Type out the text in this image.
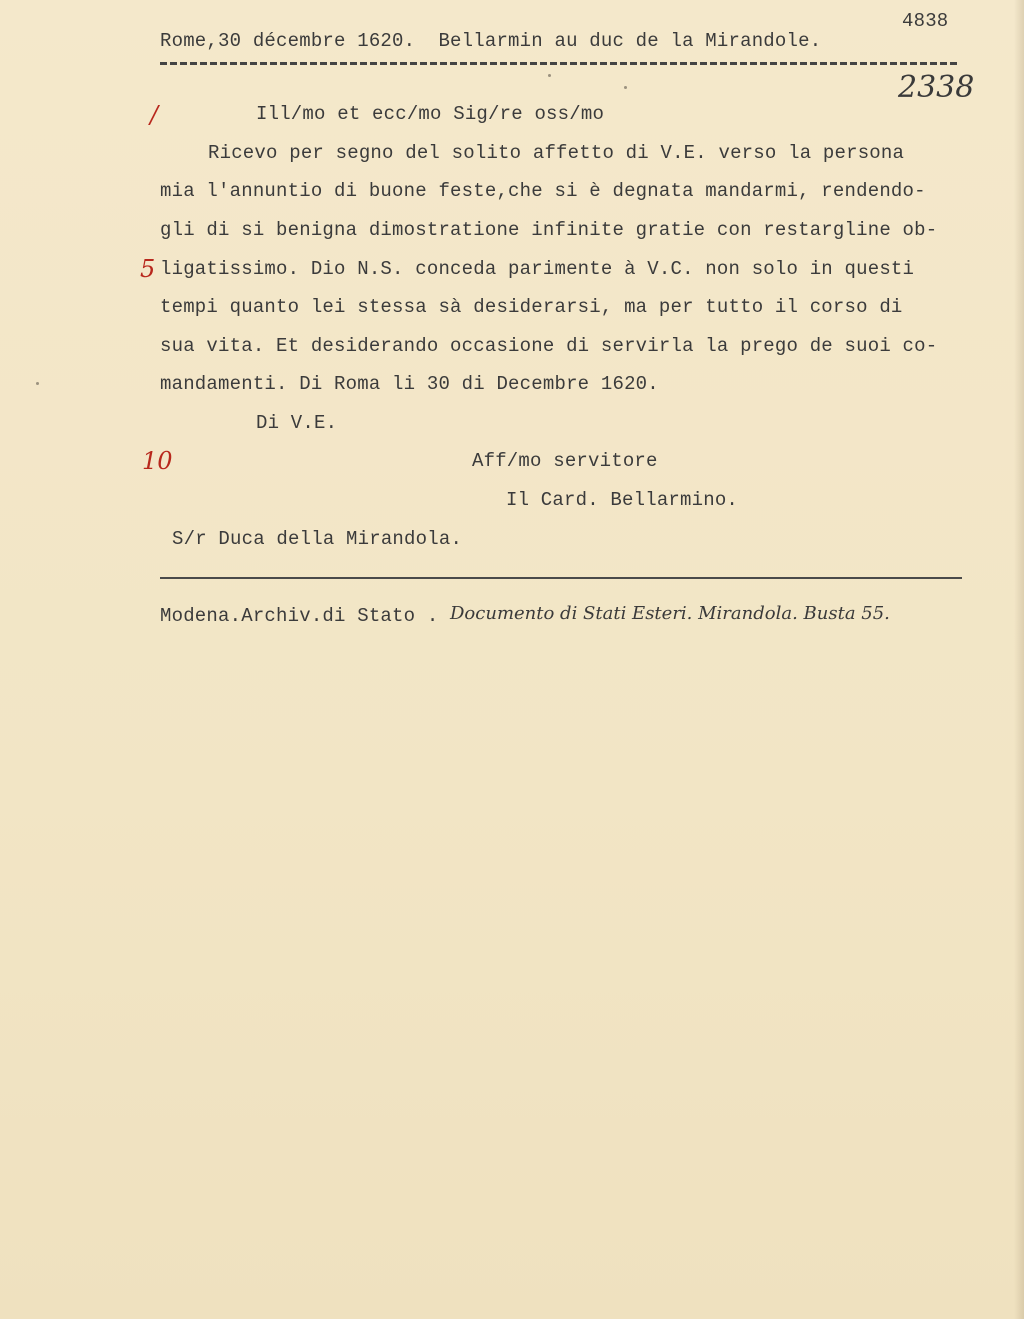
Rome,30 décembre 1620.  Bellarmin au duc de la Mirandole.
4838
2338
/
5
10
Ill/mo et ecc/mo Sig/re oss/mo
Ricevo per segno del solito affetto di V.E. verso la persona
mia l'annuntio di buone feste,che si è degnata mandarmi, rendendo-
gli di si benigna dimostratione infinite gratie con restargline ob-
ligatissimo. Dio N.S. conceda parimente à V.C. non solo in questi
tempi quanto lei stessa sà desiderarsi, ma per tutto il corso di
sua vita. Et desiderando occasione di servirla la prego de suoi co-
mandamenti. Di Roma li 30 di Decembre 1620.
Di V.E.
Aff/mo servitore
Il Card. Bellarmino.
S/r Duca della Mirandola.
Modena.Archiv.di Stato . Documento di Stati Esteri. Mirandola. Busta 55.
